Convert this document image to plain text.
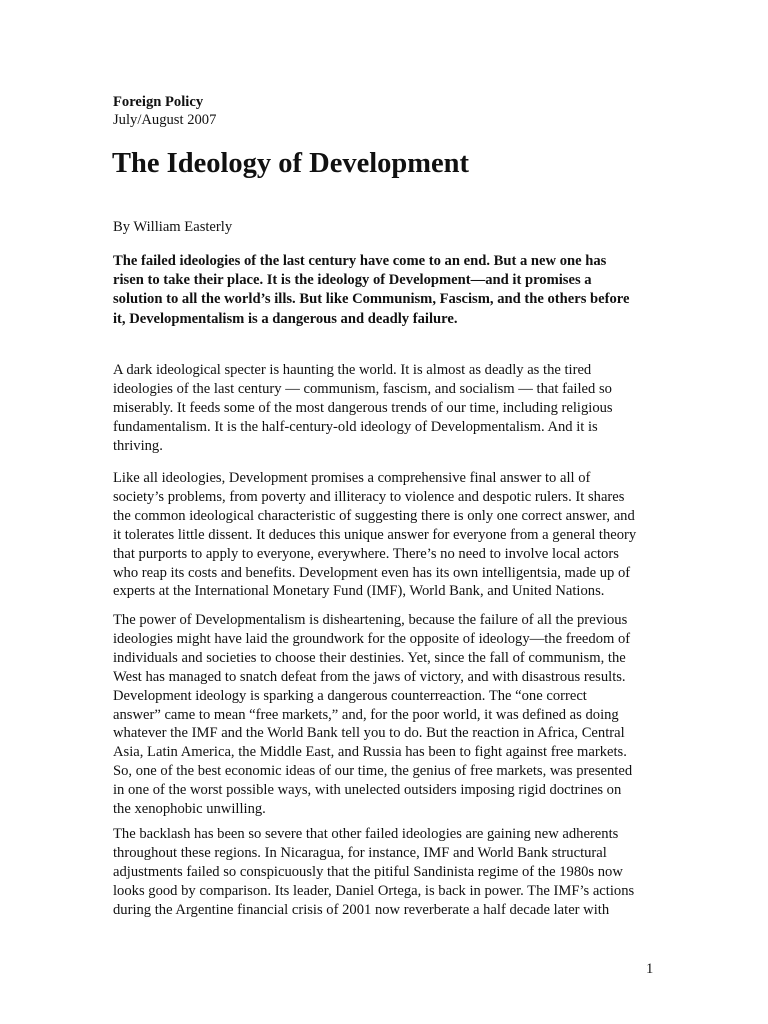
Foreign Policy
July/August 2007
The Ideology of Development
By William Easterly

The failed ideologies of the last century have come to an end. But a new one has
risen to take their place. It is the ideology of Development—and it promises a
solution to all the world’s ills. But like Communism, Fascism, and the others before
it, Developmentalism is a dangerous and deadly failure.

A dark ideological specter is haunting the world. It is almost as deadly as the tired
ideologies of the last century — communism, fascism, and socialism — that failed so
miserably. It feeds some of the most dangerous trends of our time, including religious
fundamentalism. It is the half-century-old ideology of Developmentalism. And it is
thriving.

Like all ideologies, Development promises a comprehensive final answer to all of
society’s problems, from poverty and illiteracy to violence and despotic rulers. It shares
the common ideological characteristic of suggesting there is only one correct answer, and
it tolerates little dissent. It deduces this unique answer for everyone from a general theory
that purports to apply to everyone, everywhere. There’s no need to involve local actors
who reap its costs and benefits. Development even has its own intelligentsia, made up of
experts at the International Monetary Fund (IMF), World Bank, and United Nations.

The power of Developmentalism is disheartening, because the failure of all the previous
ideologies might have laid the groundwork for the opposite of ideology—the freedom of
individuals and societies to choose their destinies. Yet, since the fall of communism, the
West has managed to snatch defeat from the jaws of victory, and with disastrous results.
Development ideology is sparking a dangerous counterreaction. The “one correct
answer” came to mean “free markets,” and, for the poor world, it was defined as doing
whatever the IMF and the World Bank tell you to do. But the reaction in Africa, Central
Asia, Latin America, the Middle East, and Russia has been to fight against free markets.
So, one of the best economic ideas of our time, the genius of free markets, was presented
in one of the worst possible ways, with unelected outsiders imposing rigid doctrines on
the xenophobic unwilling.

The backlash has been so severe that other failed ideologies are gaining new adherents
throughout these regions. In Nicaragua, for instance, IMF and World Bank structural
adjustments failed so conspicuously that the pitiful Sandinista regime of the 1980s now
looks good by comparison. Its leader, Daniel Ortega, is back in power. The IMF’s actions
during the Argentine financial crisis of 2001 now reverberate a half decade later with

1
